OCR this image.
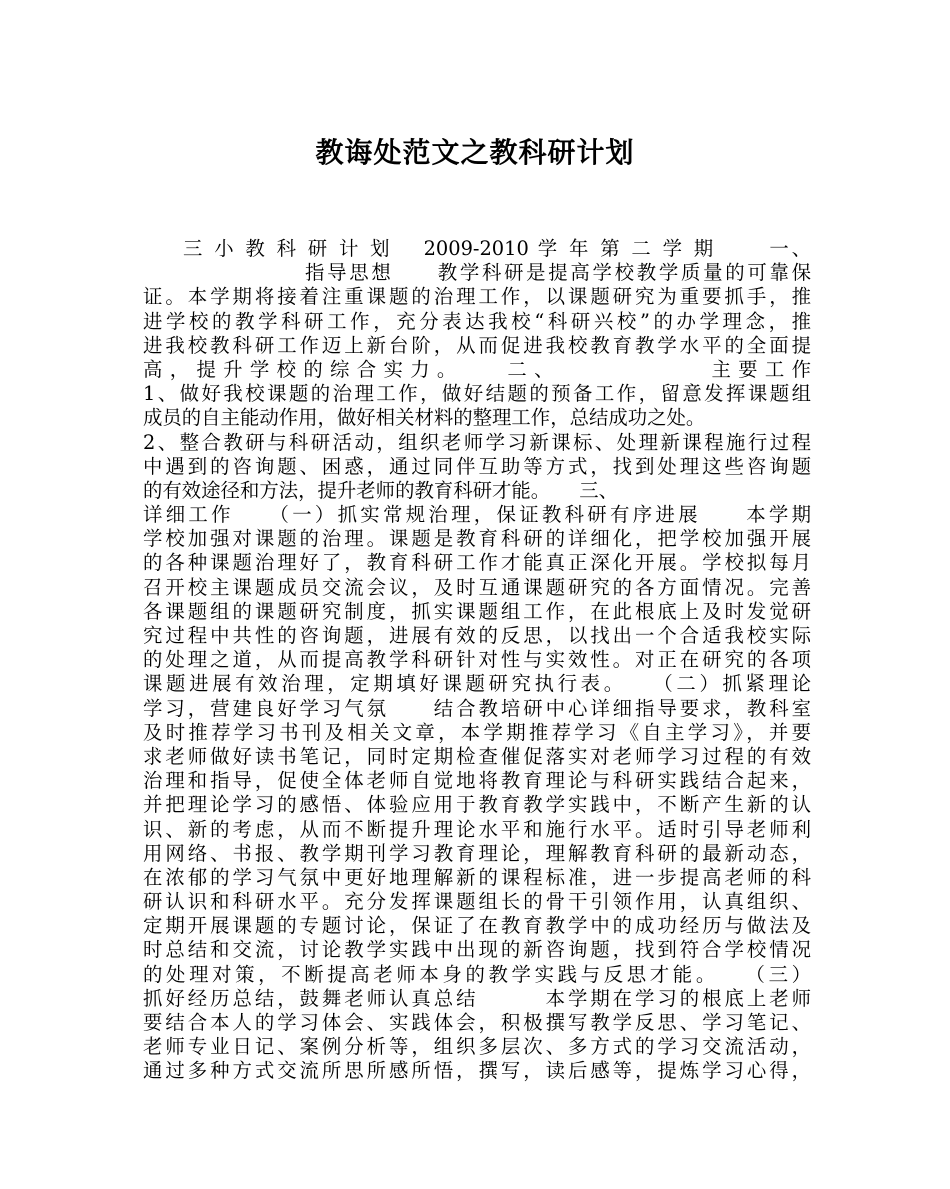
教诲处范文之教科研计划
三 小 教 科 研 计 划 　2009-2010 学 年 第 二 学 期 　　一、
指导思想　　教学科研是提高学校教学质量的可靠保
证。本学期将接着注重课题的治理工作，以课题研究为重要抓手，推
进学校的教学科研工作，充分表达我校“科研兴校”的办学理念，推
进我校教科研工作迈上新台阶，从而促进我校教育教学水平的全面提
高，提升学校的综合实力。　　二、　　　　　　主要工作
1、做好我校课题的治理工作，做好结题的预备工作，留意发挥课题组
成员的自主能动作用，做好相关材料的整理工作，总结成功之处。
2、整合教研与科研活动，组织老师学习新课标、处理新课程施行过程
中遇到的咨询题、困惑，通过同伴互助等方式，找到处理这些咨询题
的有效途径和方法，提升老师的教育科研才能。　　三、
详细工作　　（一）抓实常规治理，保证教科研有序进展　　本学期
学校加强对课题的治理。课题是教育科研的详细化，把学校加强开展
的各种课题治理好了，教育科研工作才能真正深化开展。学校拟每月
召开校主课题成员交流会议，及时互通课题研究的各方面情况。完善
各课题组的课题研究制度，抓实课题组工作，在此根底上及时发觉研
究过程中共性的咨询题，进展有效的反思，以找出一个合适我校实际
的处理之道，从而提高教学科研针对性与实效性。对正在研究的各项
课题进展有效治理，定期填好课题研究执行表。　　（二）抓紧理论
学习，营建良好学习气氛　　结合教培研中心详细指导要求，教科室
及时推荐学习书刊及相关文章，本学期推荐学习《自主学习》，并要
求老师做好读书笔记，同时定期检查催促落实对老师学习过程的有效
治理和指导，促使全体老师自觉地将教育理论与科研实践结合起来，
并把理论学习的感悟、体验应用于教育教学实践中，不断产生新的认
识、新的考虑，从而不断提升理论水平和施行水平。适时引导老师利
用网络、书报、教学期刊学习教育理论，理解教育科研的最新动态，
在浓郁的学习气氛中更好地理解新的课程标准，进一步提高老师的科
研认识和科研水平。充分发挥课题组长的骨干引领作用，认真组织、
定期开展课题的专题讨论，保证了在教育教学中的成功经历与做法及
时总结和交流，讨论教学实践中出现的新咨询题，找到符合学校情况
的处理对策，不断提高老师本身的教学实践与反思才能。　　（三）
抓好经历总结，鼓舞老师认真总结　　　本学期在学习的根底上老师
要结合本人的学习体会、实践体会，积极撰写教学反思、学习笔记、
老师专业日记、案例分析等，组织多层次、多方式的学习交流活动，
通过多种方式交流所思所感所悟，撰写，读后感等，提炼学习心得，
